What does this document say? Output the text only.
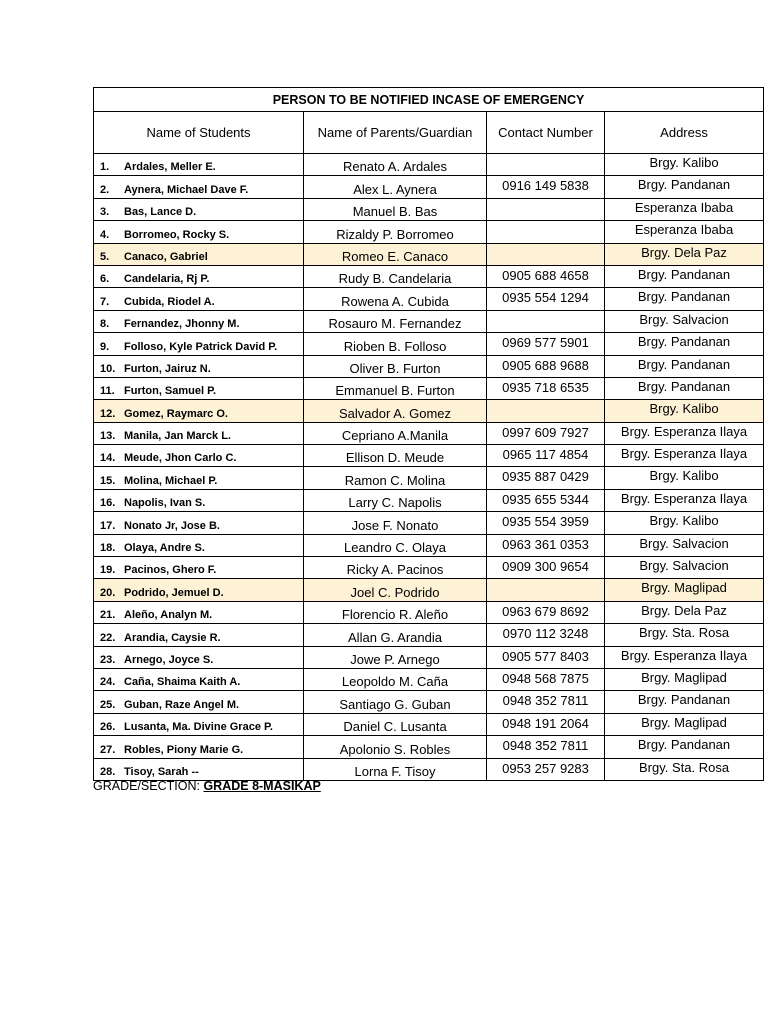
PERSON TO BE NOTIFIED INCASE OF EMERGENCY			
Name of Students	Name of Parents/Guardian	Contact Number	Address
1. Ardales, Meller E.	Renato A. Ardales		Brgy. Kalibo
2. Aynera, Michael Dave F.	Alex L. Aynera	0916 149 5838	Brgy. Pandanan
3. Bas, Lance D.	Manuel B. Bas		Esperanza Ibaba
4. Borromeo, Rocky S.	Rizaldy P. Borromeo		Esperanza Ibaba
5. Canaco, Gabriel	Romeo E. Canaco		Brgy. Dela Paz
6. Candelaria, Rj P.	Rudy B. Candelaria	0905 688 4658	Brgy. Pandanan
7. Cubida, Riodel A.	Rowena A. Cubida	0935 554 1294	Brgy. Pandanan
8. Fernandez, Jhonny M.	Rosauro M. Fernandez		Brgy. Salvacion
9. Folloso, Kyle Patrick David P.	Rioben B. Folloso	0969 577 5901	Brgy. Pandanan
10. Furton, Jairuz N.	Oliver B. Furton	0905 688 9688	Brgy. Pandanan
11. Furton, Samuel P.	Emmanuel B. Furton	0935 718 6535	Brgy. Pandanan
12. Gomez, Raymarc O.	Salvador A. Gomez		Brgy. Kalibo
13. Manila, Jan Marck L.	Cepriano A.Manila	0997 609 7927	Brgy. Esperanza Ilaya
14. Meude, Jhon Carlo C.	Ellison D. Meude	0965 117 4854	Brgy. Esperanza Ilaya
15. Molina, Michael P.	Ramon C. Molina	0935 887 0429	Brgy. Kalibo
16. Napolis, Ivan S.	Larry C. Napolis	0935 655 5344	Brgy. Esperanza Ilaya
17. Nonato Jr, Jose B.	Jose F. Nonato	0935 554 3959	Brgy. Kalibo
18. Olaya, Andre S.	Leandro C. Olaya	0963 361 0353	Brgy. Salvacion
19. Pacinos, Ghero F.	Ricky A. Pacinos	0909 300 9654	Brgy. Salvacion
20. Podrido, Jemuel D.	Joel C. Podrido		Brgy. Maglipad
21. Aleño, Analyn M.	Florencio R. Aleño	0963 679 8692	Brgy. Dela Paz
22. Arandia, Caysie R.	Allan G. Arandia	0970 112 3248	Brgy. Sta. Rosa
23. Arnego, Joyce S.	Jowe P. Arnego	0905 577 8403	Brgy. Esperanza Ilaya
24. Caña, Shaima Kaith A.	Leopoldo M. Caña	0948 568 7875	Brgy. Maglipad
25. Guban, Raze Angel M.	Santiago G. Guban	0948 352 7811	Brgy. Pandanan
26. Lusanta, Ma. Divine Grace P.	Daniel C. Lusanta	0948 191 2064	Brgy. Maglipad
27. Robles, Piony Marie G.	Apolonio S. Robles	0948 352 7811	Brgy. Pandanan
28. Tisoy, Sarah --	Lorna F. Tisoy	0953 257 9283	Brgy. Sta. Rosa
GRADE/SECTION: GRADE 8-MASIKAP
